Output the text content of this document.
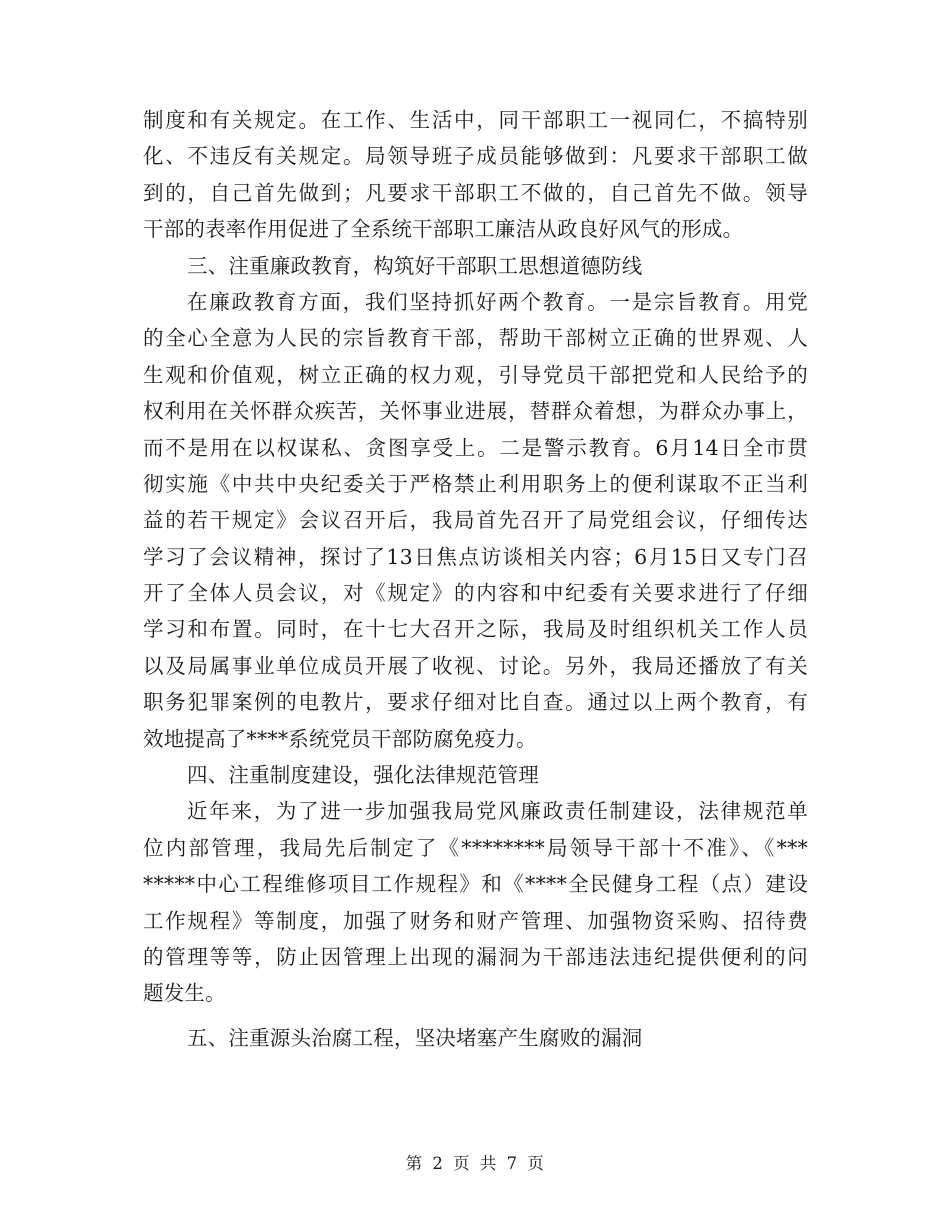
制度和有关规定。在工作、生活中，同干部职工一视同仁，不搞特别
化、不违反有关规定。局领导班子成员能够做到：凡要求干部职工做
到的，自己首先做到；凡要求干部职工不做的，自己首先不做。领导
干部的表率作用促进了全系统干部职工廉洁从政良好风气的形成。
三、注重廉政教育，构筑好干部职工思想道德防线
在廉政教育方面，我们坚持抓好两个教育。一是宗旨教育。用党
的全心全意为人民的宗旨教育干部，帮助干部树立正确的世界观、人
生观和价值观，树立正确的权力观，引导党员干部把党和人民给予的
权利用在关怀群众疾苦，关怀事业进展，替群众着想，为群众办事上，
而不是用在以权谋私、贪图享受上。二是警示教育。6月14日全市贯
彻实施《中共中央纪委关于严格禁止利用职务上的便利谋取不正当利
益的若干规定》会议召开后，我局首先召开了局党组会议，仔细传达
学习了会议精神，探讨了13日焦点访谈相关内容；6月15日又专门召
开了全体人员会议，对《规定》的内容和中纪委有关要求进行了仔细
学习和布置。同时，在十七大召开之际，我局及时组织机关工作人员
以及局属事业单位成员开展了收视、讨论。另外，我局还播放了有关
职务犯罪案例的电教片，要求仔细对比自查。通过以上两个教育，有
效地提高了****系统党员干部防腐免疫力。
四、注重制度建设，强化法律规范管理
近年来，为了进一步加强我局党风廉政责任制建设，法律规范单
位内部管理，我局先后制定了《********局领导干部十不准》、《***
*****中心工程维修项目工作规程》和《****全民健身工程（点）建设
工作规程》等制度，加强了财务和财产管理、加强物资采购、招待费
的管理等等，防止因管理上出现的漏洞为干部违法违纪提供便利的问
题发生。
五、注重源头治腐工程，坚决堵塞产生腐败的漏洞
第 2 页 共 7 页
